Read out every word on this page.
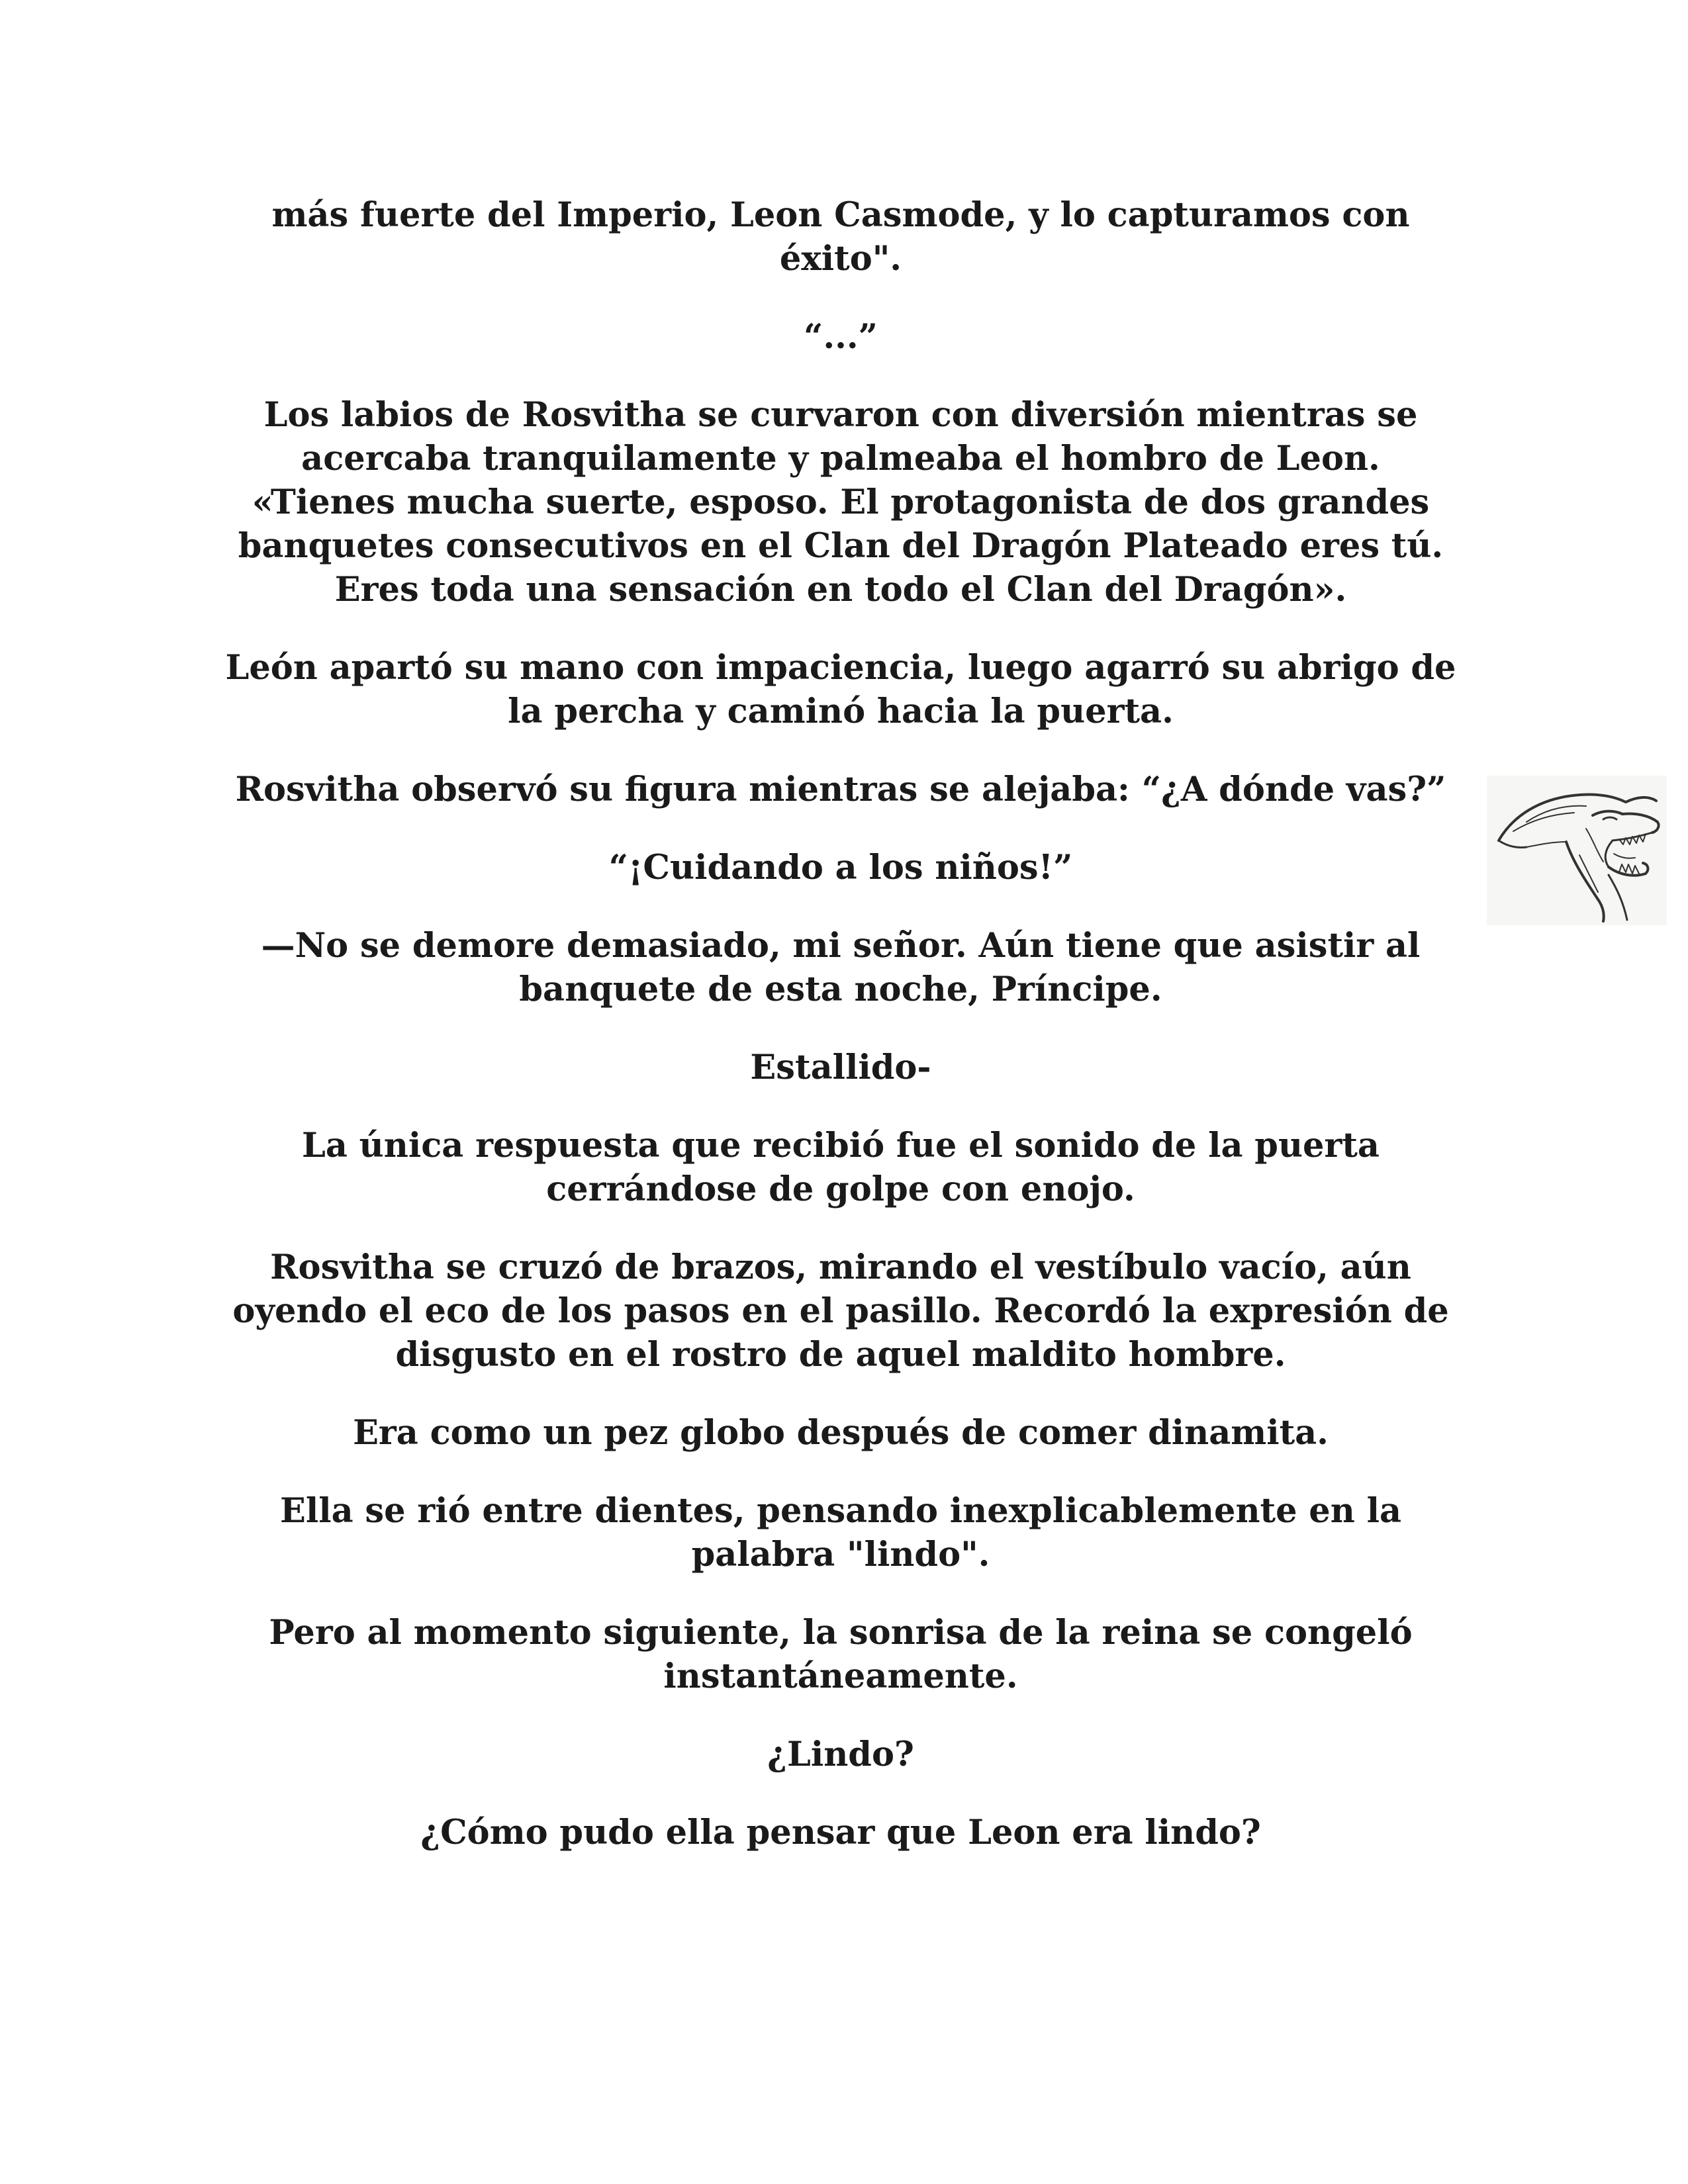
más fuerte del Imperio, Leon Casmode, y lo capturamos con éxito".

“...”

Los labios de Rosvitha se curvaron con diversión mientras se acercaba tranquilamente y palmeaba el hombro de Leon. «Tienes mucha suerte, esposo. El protagonista de dos grandes banquetes consecutivos en el Clan del Dragón Plateado eres tú. Eres toda una sensación en todo el Clan del Dragón».

León apartó su mano con impaciencia, luego agarró su abrigo de la percha y caminó hacia la puerta.

Rosvitha observó su figura mientras se alejaba: “¿A dónde vas?”

“¡Cuidando a los niños!”

—No se demore demasiado, mi señor. Aún tiene que asistir al banquete de esta noche, Príncipe.

Estallido-

La única respuesta que recibió fue el sonido de la puerta cerrándose de golpe con enojo.

Rosvitha se cruzó de brazos, mirando el vestíbulo vacío, aún oyendo el eco de los pasos en el pasillo. Recordó la expresión de disgusto en el rostro de aquel maldito hombre.

Era como un pez globo después de comer dinamita.

Ella se rió entre dientes, pensando inexplicablemente en la palabra "lindo".

Pero al momento siguiente, la sonrisa de la reina se congeló instantáneamente.

¿Lindo?

¿Cómo pudo ella pensar que Leon era lindo?
